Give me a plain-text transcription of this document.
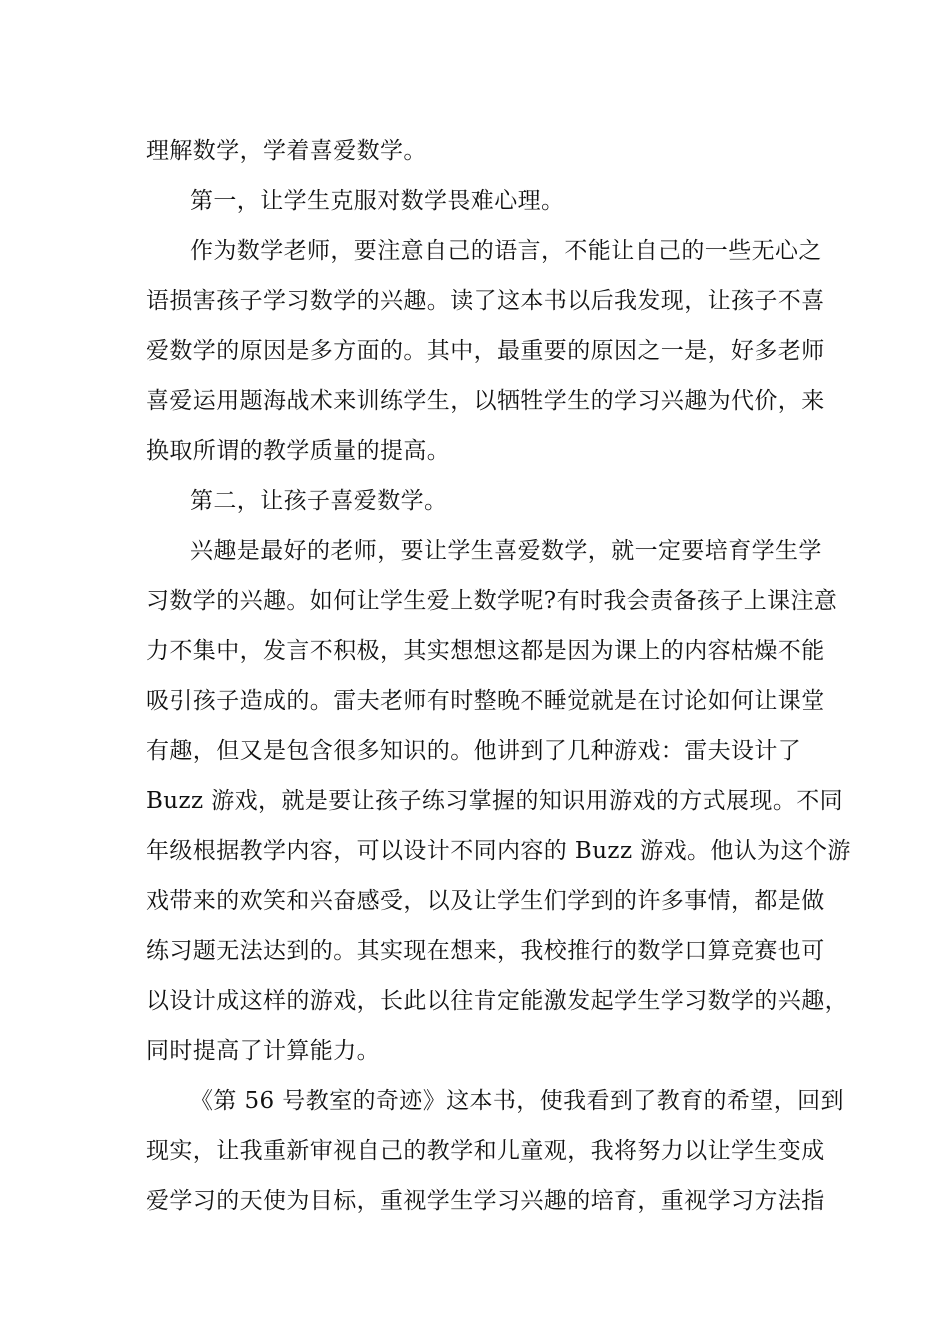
理解数学，学着喜爱数学。
第一，让学生克服对数学畏难心理。
作为数学老师，要注意自己的语言，不能让自己的一些无心之
语损害孩子学习数学的兴趣。读了这本书以后我发现，让孩子不喜
爱数学的原因是多方面的。其中，最重要的原因之一是，好多老师
喜爱运用题海战术来训练学生，以牺牲学生的学习兴趣为代价，来
换取所谓的教学质量的提高。
第二，让孩子喜爱数学。
兴趣是最好的老师，要让学生喜爱数学，就一定要培育学生学
习数学的兴趣。如何让学生爱上数学呢?有时我会责备孩子上课注意
力不集中，发言不积极，其实想想这都是因为课上的内容枯燥不能
吸引孩子造成的。雷夫老师有时整晚不睡觉就是在讨论如何让课堂
有趣，但又是包含很多知识的。他讲到了几种游戏：雷夫设计了
Buzz 游戏，就是要让孩子练习掌握的知识用游戏的方式展现。不同
年级根据教学内容，可以设计不同内容的 Buzz 游戏。他认为这个游
戏带来的欢笑和兴奋感受，以及让学生们学到的许多事情，都是做
练习题无法达到的。其实现在想来，我校推行的数学口算竞赛也可
以设计成这样的游戏，长此以往肯定能激发起学生学习数学的兴趣，
同时提高了计算能力。
《第 56 号教室的奇迹》这本书，使我看到了教育的希望，回到
现实，让我重新审视自己的教学和儿童观，我将努力以让学生变成
爱学习的天使为目标，重视学生学习兴趣的培育，重视学习方法指
